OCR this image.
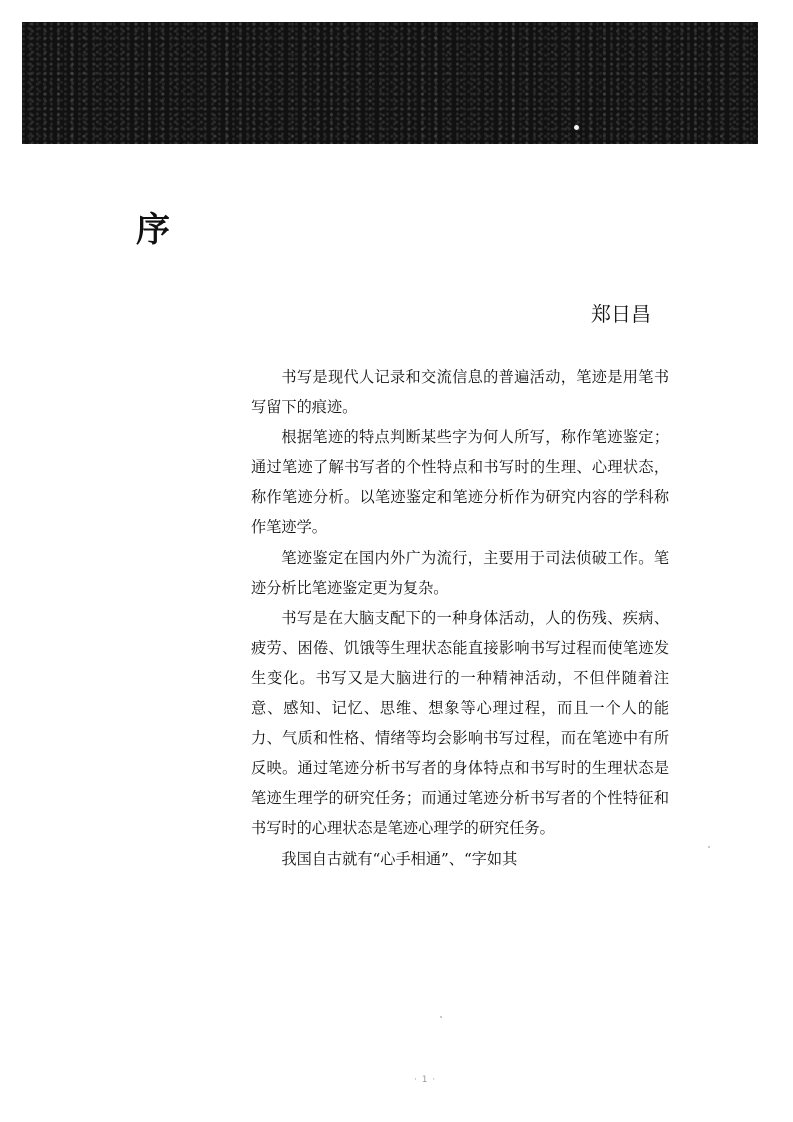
序
郑日昌

书写是现代人记录和交流信息的普遍活动，笔迹是用笔书写留下的痕迹。

根据笔迹的特点判断某些字为何人所写，称作笔迹鉴定；通过笔迹了解书写者的个性特点和书写时的生理、心理状态，称作笔迹分析。以笔迹鉴定和笔迹分析作为研究内容的学科称作笔迹学。

笔迹鉴定在国内外广为流行，主要用于司法侦破工作。笔迹分析比笔迹鉴定更为复杂。

书写是在大脑支配下的一种身体活动，人的伤残、疾病、疲劳、困倦、饥饿等生理状态能直接影响书写过程而使笔迹发生变化。书写又是大脑进行的一种精神活动，不但伴随着注意、感知、记忆、思维、想象等心理过程，而且一个人的能力、气质和性格、情绪等均会影响书写过程，而在笔迹中有所反映。通过笔迹分析书写者的身体特点和书写时的生理状态是笔迹生理学的研究任务；而通过笔迹分析书写者的个性特征和书写时的心理状态是笔迹心理学的研究任务。

我国自古就有“心手相通”、“字如其

· 1 ·
